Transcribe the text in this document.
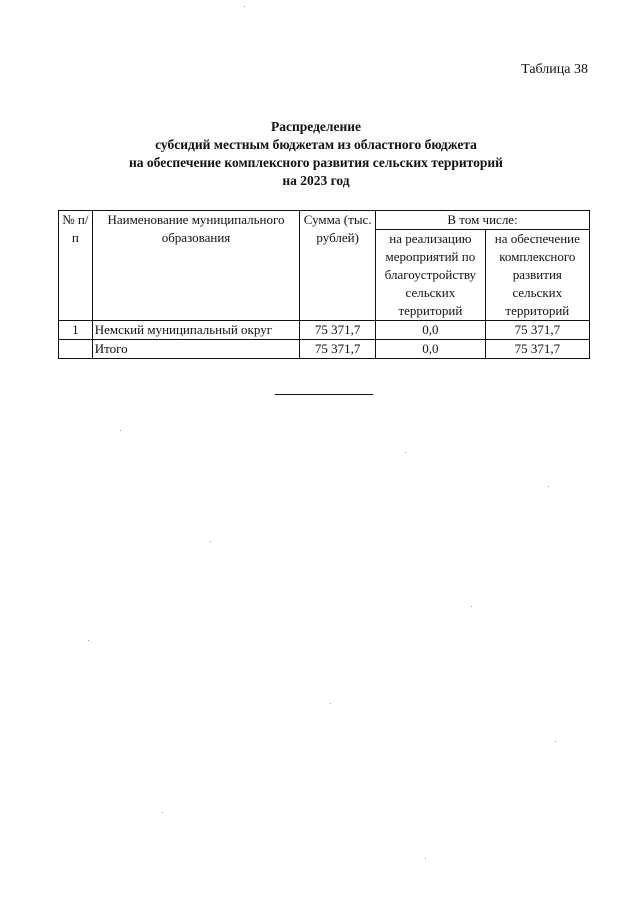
Таблица 38
Распределение
субсидий местным бюджетам из областного бюджета
на обеспечение комплексного развития сельских территорий
на 2023 год
№ п/п	Наименование муниципального образования	Сумма (тыс. рублей)	В том числе:	
			на реализацию мероприятий по благоустройству сельских территорий	на обеспечение комплексного развития сельских территорий
1	Немский муниципальный округ	75 371,7	0,0	75 371,7
	Итого	75 371,7	0,0	75 371,7
